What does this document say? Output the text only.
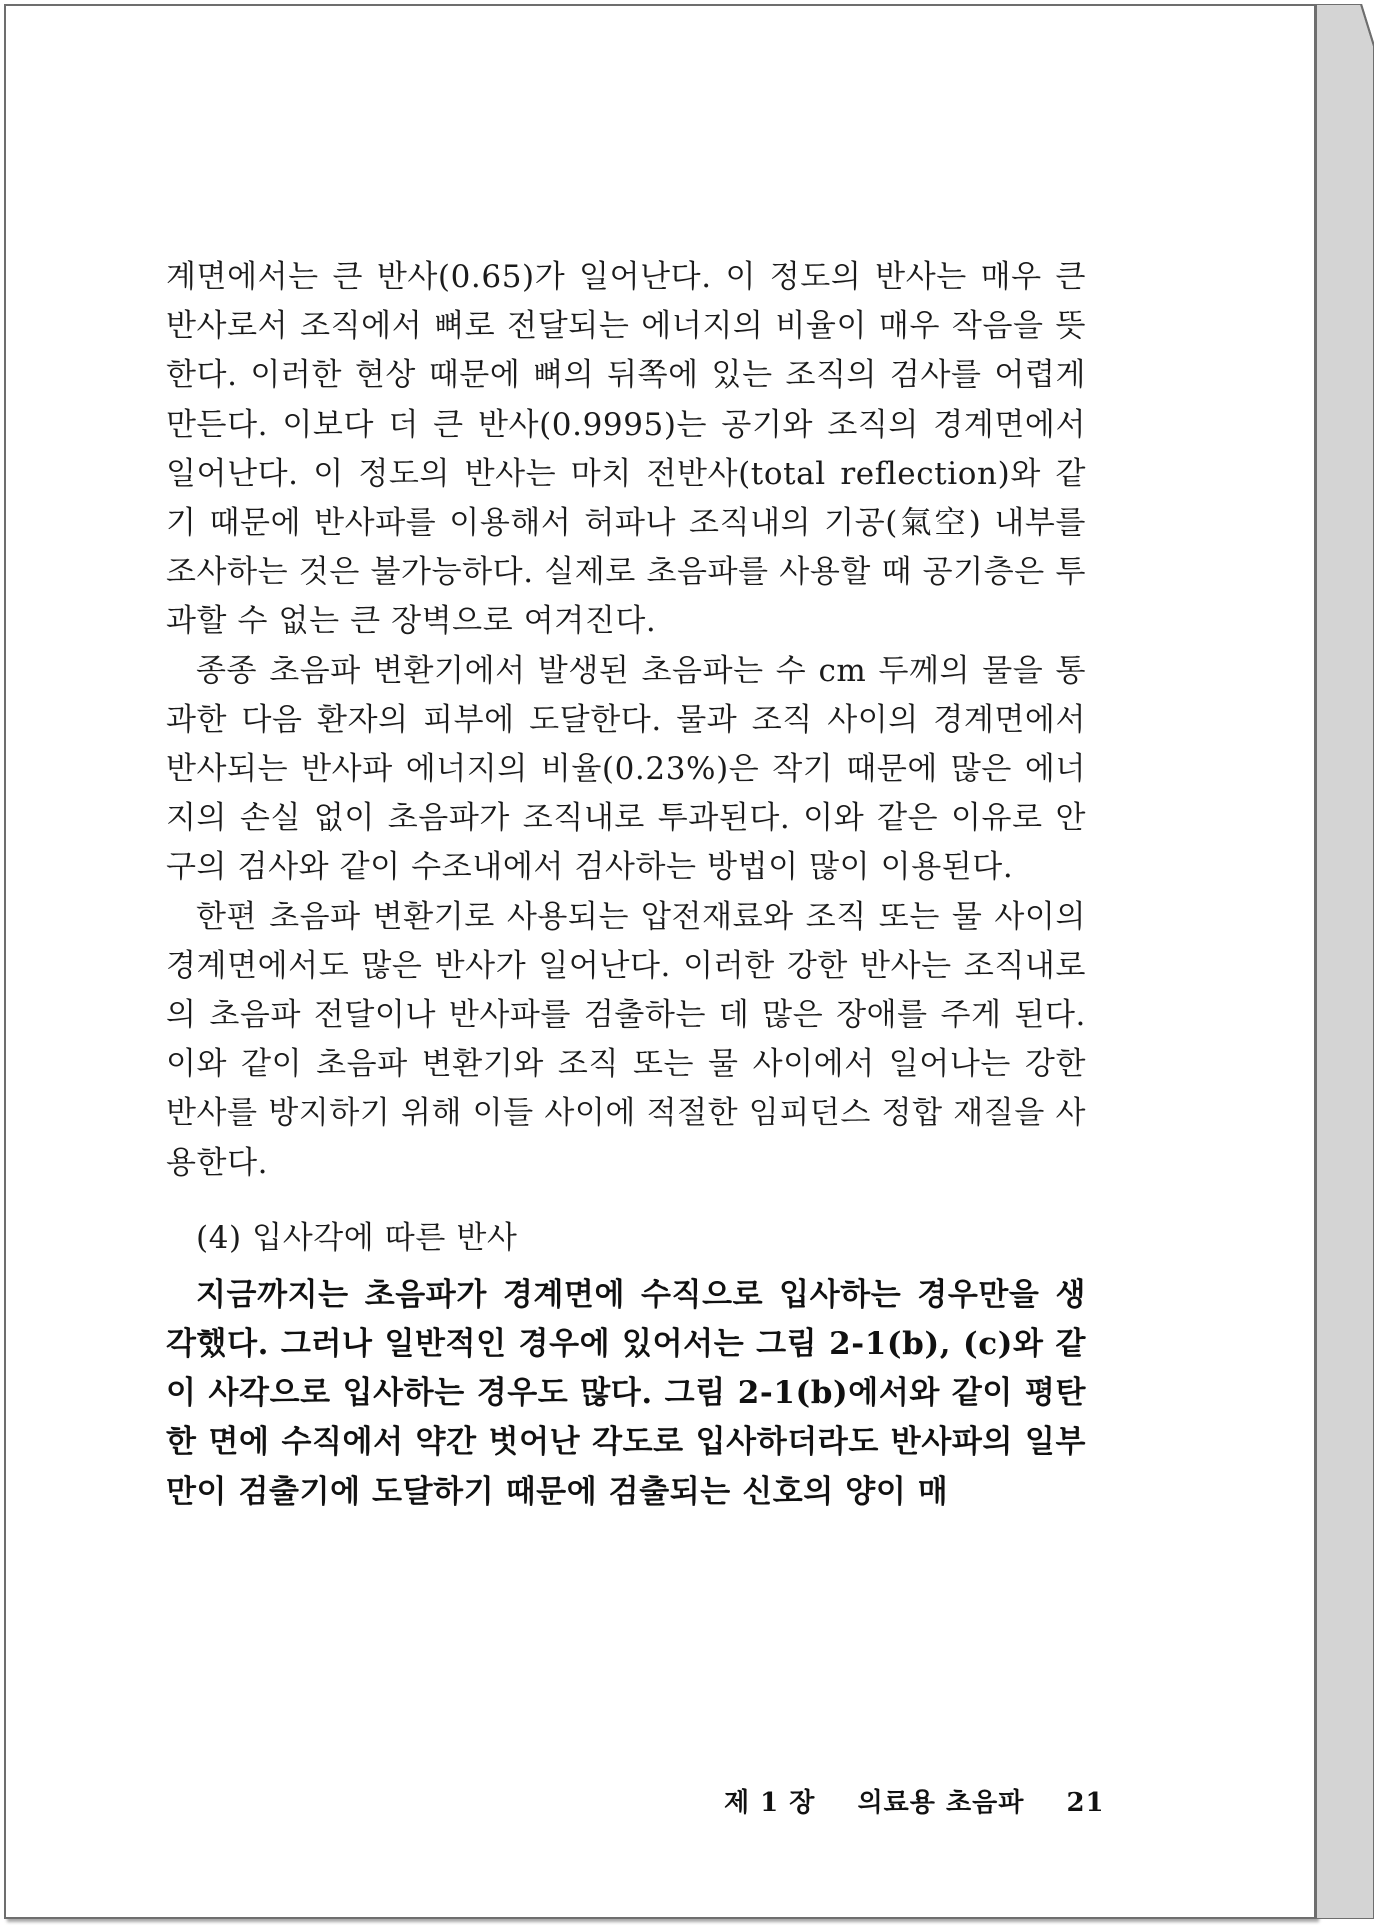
계면에서는 큰 반사(0.65)가 일어난다. 이 정도의 반사는 매우 큰 반사로서 조직에서 뼈로 전달되는 에너지의 비율이 매우 작음을 뜻한다. 이러한 현상 때문에 뼈의 뒤쪽에 있는 조직의 검사를 어렵게 만든다. 이보다 더 큰 반사(0.9995)는 공기와 조직의 경계면에서 일어난다. 이 정도의 반사는 마치 전반사(total reflection)와 같기 때문에 반사파를 이용해서 허파나 조직내의 기공(氣空) 내부를 조사하는 것은 불가능하다. 실제로 초음파를 사용할 때 공기층은 투과할 수 없는 큰 장벽으로 여겨진다.

종종 초음파 변환기에서 발생된 초음파는 수 cm 두께의 물을 통과한 다음 환자의 피부에 도달한다. 물과 조직 사이의 경계면에서 반사되는 반사파 에너지의 비율(0.23%)은 작기 때문에 많은 에너지의 손실 없이 초음파가 조직내로 투과된다. 이와 같은 이유로 안구의 검사와 같이 수조내에서 검사하는 방법이 많이 이용된다.

한편 초음파 변환기로 사용되는 압전재료와 조직 또는 물 사이의 경계면에서도 많은 반사가 일어난다. 이러한 강한 반사는 조직내로의 초음파 전달이나 반사파를 검출하는 데 많은 장애를 주게 된다. 이와 같이 초음파 변환기와 조직 또는 물 사이에서 일어나는 강한 반사를 방지하기 위해 이들 사이에 적절한 임피던스 정합 재질을 사용한다.

(4) 입사각에 따른 반사

지금까지는 초음파가 경계면에 수직으로 입사하는 경우만을 생각했다. 그러나 일반적인 경우에 있어서는 그림 2-1(b), (c)와 같이 사각으로 입사하는 경우도 많다. 그림 2-1(b)에서와 같이 평탄한 면에 수직에서 약간 벗어난 각도로 입사하더라도 반사파의 일부만이 검출기에 도달하기 때문에 검출되는 신호의 양이 매

제 1 장 의료용 초음파 21
